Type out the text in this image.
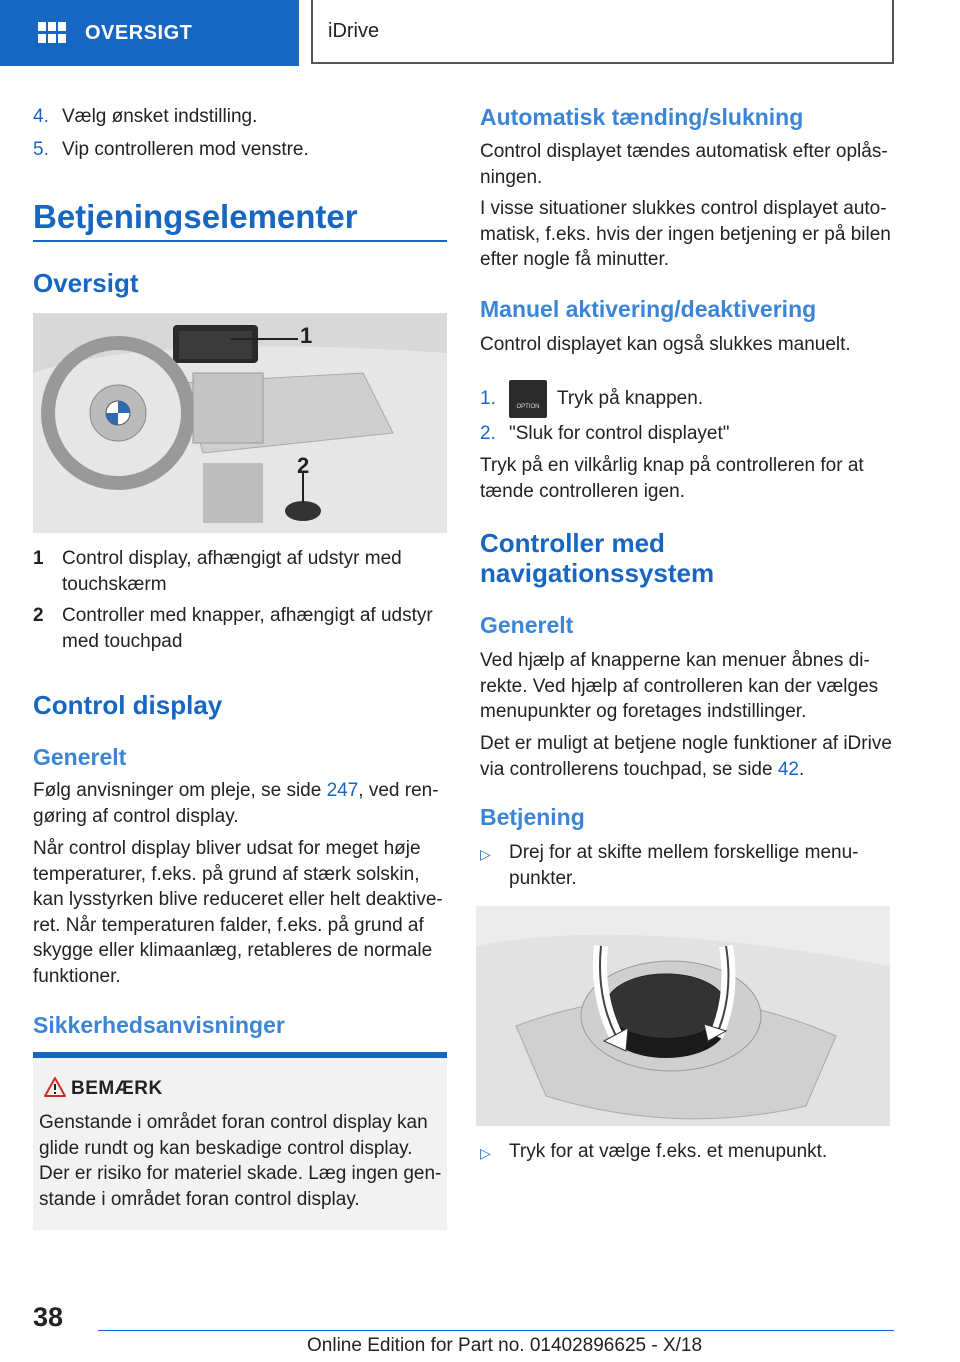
OVERSIGT	iDrive
4. Vælg ønsket indstilling.
5. Vip controlleren mod venstre.
Betjeningselementer
Oversigt
1
2
1 Control display, afhængigt af udstyr med touchskærm
2 Controller med knapper, afhængigt af udstyr med touchpad
Control display
Generelt

Følg anvisninger om pleje, se side 247, ved rengøring af control display.

Når control display bliver udsat for meget høje temperaturer, f.eks. på grund af stærk solskin, kan lysstyrken blive reduceret eller helt deaktiveret. Når temperaturen falder, f.eks. på grund af skygge eller klimaanlæg, retableres de normale funktioner.

Sikkerhedsanvisninger
BEMÆRK
Genstande i området foran control display kan glide rundt og kan beskadige control display. Der er risiko for materiel skade. Læg ingen genstande i området foran control display.
Automatisk tænding/slukning

Control displayet tændes automatisk efter oplåsningen.

I visse situationer slukkes control displayet automatisk, f.eks. hvis der ingen betjening er på bilen efter nogle få minutter.

Manuel aktivering/deaktivering

Control displayet kan også slukkes manuelt.

1.	OPTION Tryk på knappen.
2. "Sluk for control displayet"

Tryk på en vilkårlig knap på controlleren for at tænde controlleren igen.

Controller med navigationssystem
Generelt

Ved hjælp af knapperne kan menuer åbnes direkte. Ved hjælp af controlleren kan der vælges menupunkter og foretages indstillinger.

Det er muligt at betjene nogle funktioner af iDrive via controllerens touchpad, se side 42.

Betjening
▷ Drej for at skifte mellem forskellige menupunkter.
▷ Tryk for at vælge f.eks. et menupunkt.
38
Online Edition for Part no. 01402896625 - X/18
